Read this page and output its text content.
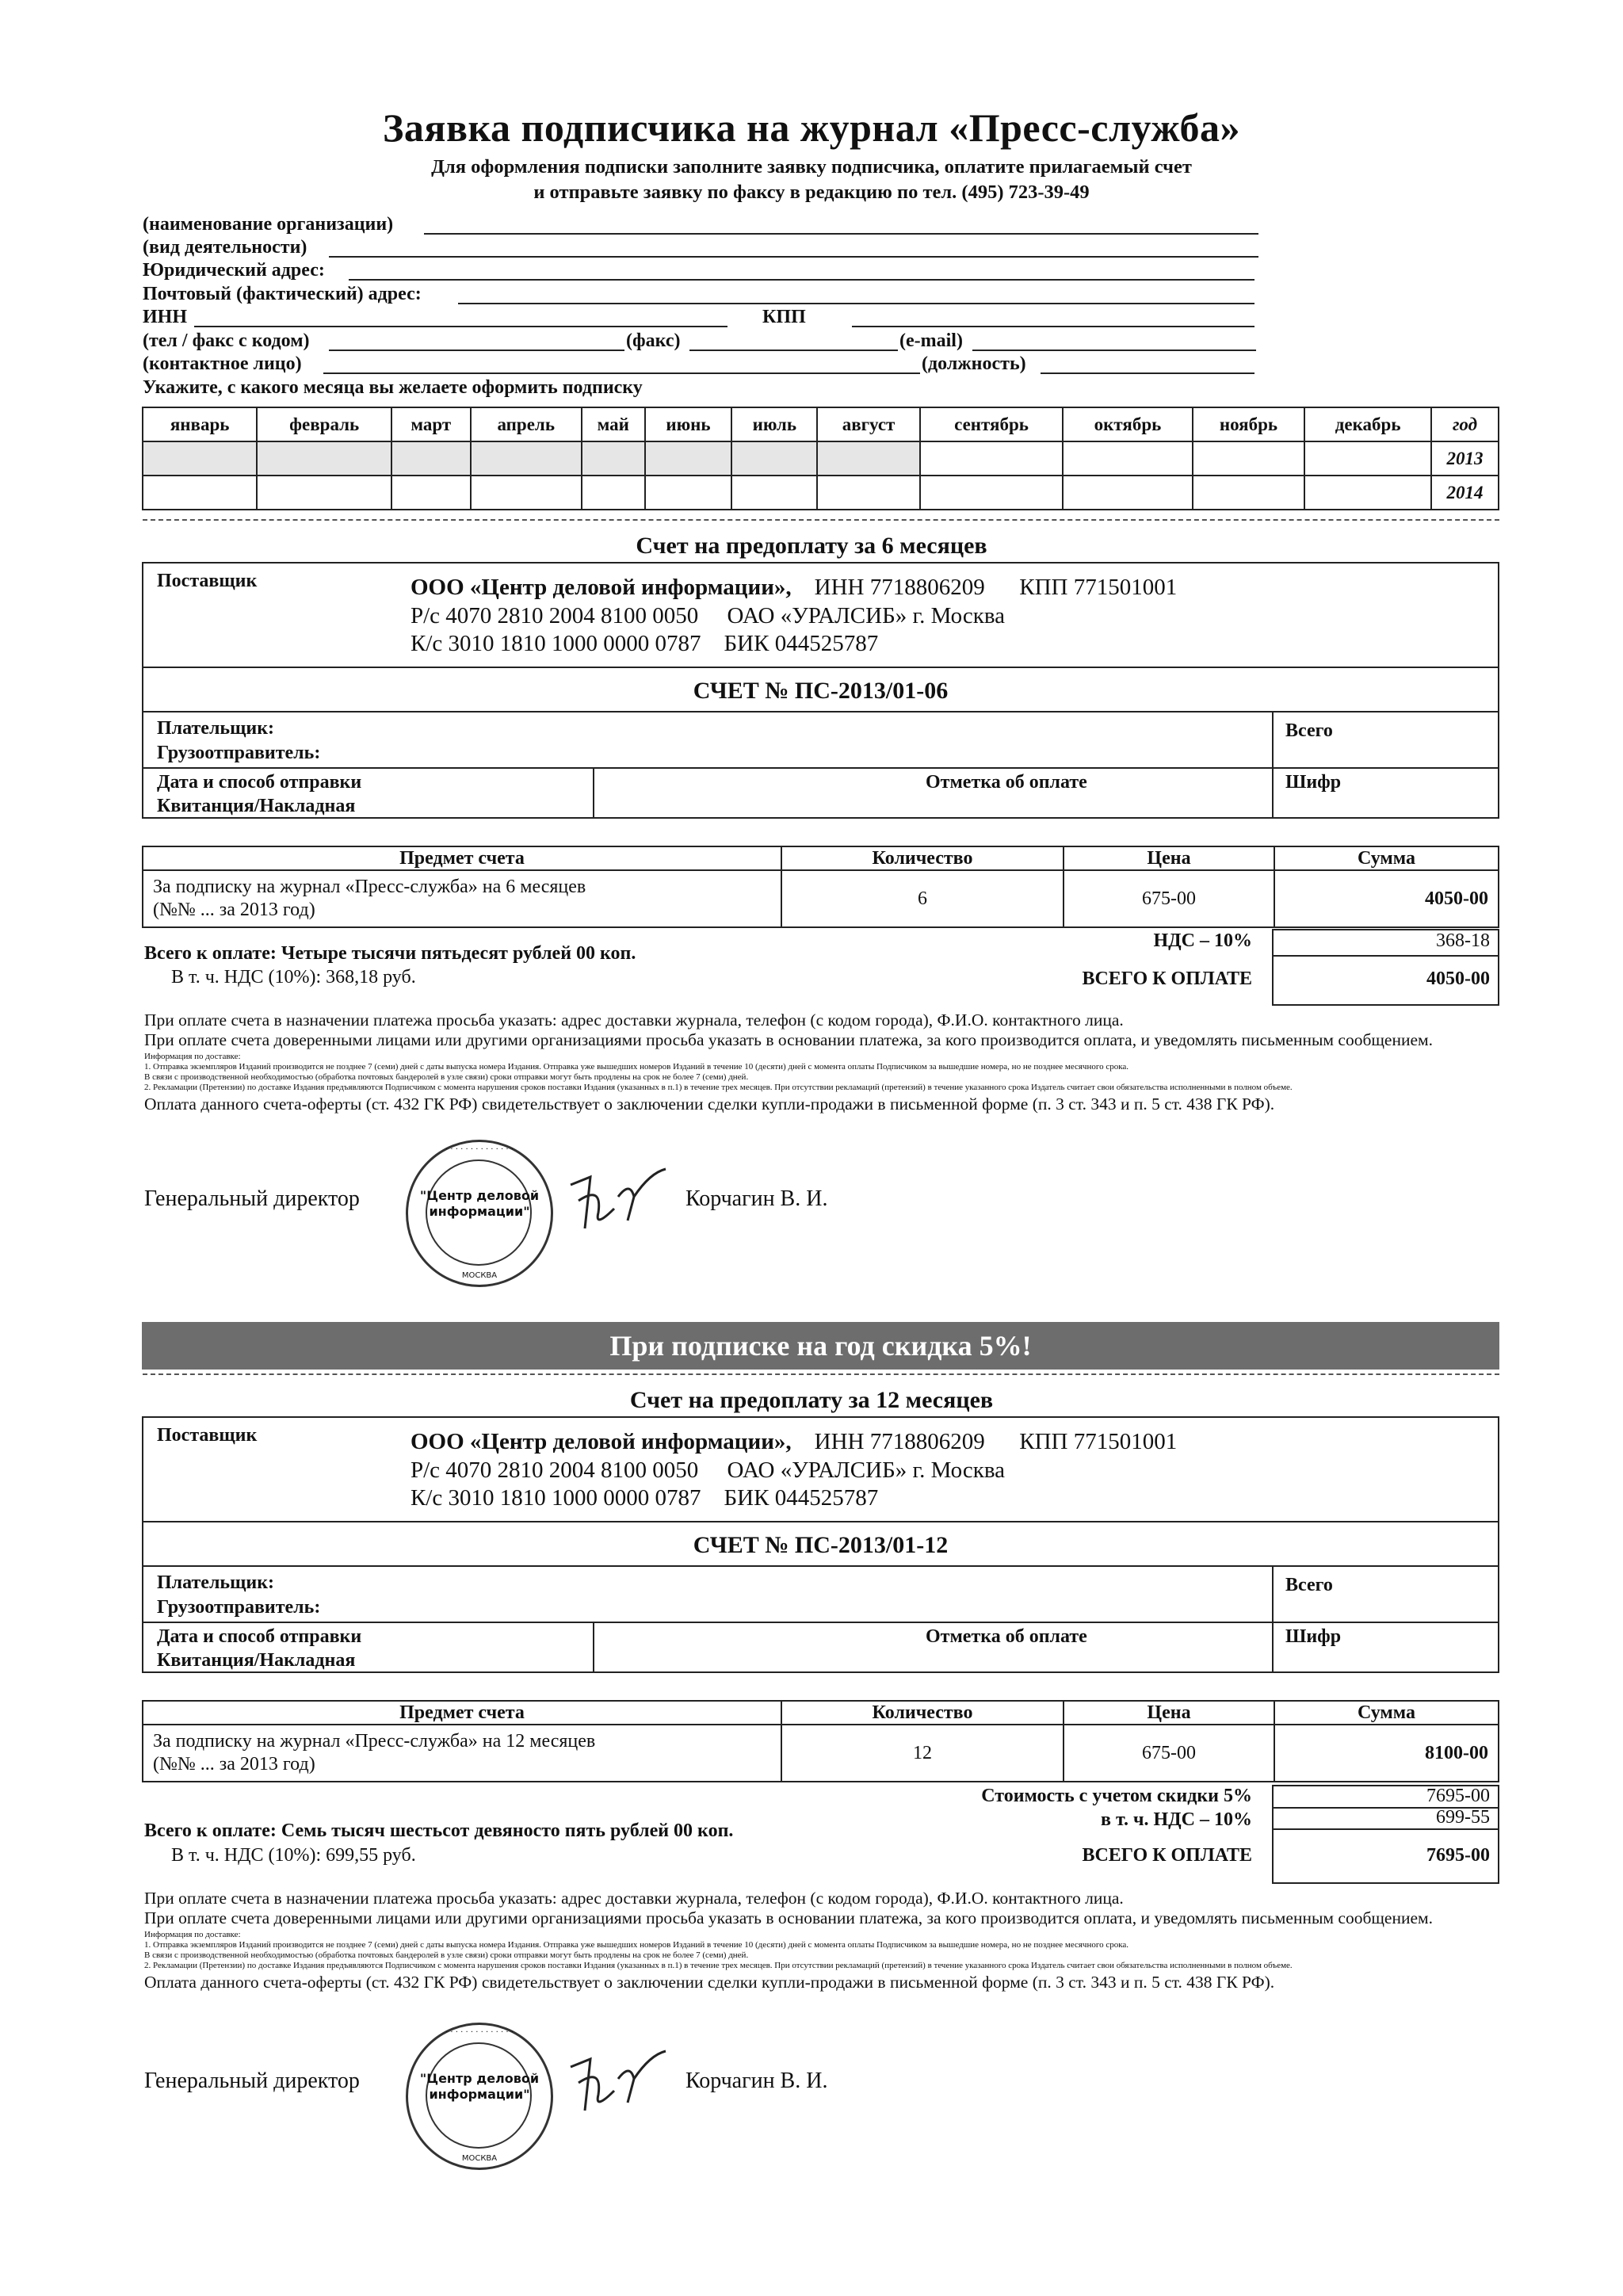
Заявка подписчика на журнал «Пресс-служба»
Для оформления подписки заполните заявку подписчика, оплатите прилагаемый счет
и отправьте заявку по факсу в редакцию по тел. (495) 723-39-49
(наименование организации)
(вид деятельности)
Юридический адрес:
Почтовый (фактический) адрес:
ИНН	КПП
(тел / факс с кодом)	(факс)	(e-mail)
(контактное лицо)	(должность)
Укажите, с какого месяца вы желаете оформить подписку
январь	февраль	март	апрель	май	июнь	июль	август	сентябрь	октябрь	ноябрь	декабрь	год
												2013
												2014
Счет на предоплату за 6 месяцев
Поставщик	ООО «Центр деловой информации»,    ИНН 7718806209      КПП 771501001
Р/с 4070 2810 2004 8100 0050     ОАО «УРАЛСИБ» г. Москва
К/с 3010 1810 1000 0000 0787    БИК 044525787
СЧЕТ № ПС-2013/01-06
Плательщик:
Грузоотправитель:
Всего
Дата и способ отправки
Квитанция/Накладная
Отметка об оплате	Шифр
Предмет счета	Количество	Цена	Сумма

За подписку на журнал «Пресс-служба» на 6 месяцев
(№№ ... за 2013 год)	6	675-00	4050-00
НДС – 10%	368-18
ВСЕГО К ОПЛАТЕ	4050-00
Всего к оплате: Четыре тысячи пятьдесят рублей 00 коп.
В т. ч. НДС (10%): 368,18 руб.
При оплате счета в назначении платежа просьба указать: адрес доставки журнала, телефон (с кодом города), Ф.И.О. контактного лица.
При оплате счета доверенными лицами или другими организациями просьба указать в основании платежа, за кого производится оплата, и уведомлять письменным сообщением.
Информация по доставке:
1. Отправка экземпляров Изданий производится не позднее 7 (семи) дней с даты выпуска номера Издания. Отправка уже вышедших номеров Изданий в течение 10 (десяти) дней с момента оплаты Подписчиком за вышедшие номера, но не позднее месячного срока.
В связи с производственной необходимостью (обработка почтовых бандеролей в узле связи) сроки отправки могут быть продлены на срок не более 7 (семи) дней.
2. Рекламации (Претензии) по доставке Издания предъявляются Подписчиком с момента нарушения сроков поставки Издания (указанных в п.1) в течение трех месяцев. При отсутствии рекламаций (претензий) в течение указанного срока Издатель считает свои обязательства исполненными в полном объеме.
Оплата данного счета-оферты (ст. 432 ГК РФ) свидетельствует о заключении сделки купли-продажи в письменной форме (п. 3 ст. 343 и п. 5 ст. 438 ГК РФ).
Генеральный директор
· · · · · · · · · · · · · ·
"Центр деловой информации"
МОСКВА
Корчагин В. И.
При подписке на год скидка 5%!
Счет на предоплату за 12 месяцев
Поставщик	ООО «Центр деловой информации»,    ИНН 7718806209      КПП 771501001
Р/с 4070 2810 2004 8100 0050     ОАО «УРАЛСИБ» г. Москва
К/с 3010 1810 1000 0000 0787    БИК 044525787
СЧЕТ № ПС-2013/01-12
Плательщик:
Грузоотправитель:
Всего
Дата и способ отправки
Квитанция/Накладная
Отметка об оплате	Шифр
Предмет счета	Количество	Цена	Сумма

За подписку на журнал «Пресс-служба» на 12 месяцев
(№№ ... за 2013 год)	12	675-00	8100-00
Стоимость с учетом скидки 5%	7695-00
в т. ч. НДС – 10%	699-55
ВСЕГО К ОПЛАТЕ	7695-00
Всего к оплате: Семь тысяч шестьсот девяносто пять рублей 00 коп.
В т. ч. НДС (10%): 699,55 руб.
При оплате счета в назначении платежа просьба указать: адрес доставки журнала, телефон (с кодом города), Ф.И.О. контактного лица.
При оплате счета доверенными лицами или другими организациями просьба указать в основании платежа, за кого производится оплата, и уведомлять письменным сообщением.
Информация по доставке:
1. Отправка экземпляров Изданий производится не позднее 7 (семи) дней с даты выпуска номера Издания. Отправка уже вышедших номеров Изданий в течение 10 (десяти) дней с момента оплаты Подписчиком за вышедшие номера, но не позднее месячного срока.
В связи с производственной необходимостью (обработка почтовых бандеролей в узле связи) сроки отправки могут быть продлены на срок не более 7 (семи) дней.
2. Рекламации (Претензии) по доставке Издания предъявляются Подписчиком с момента нарушения сроков поставки Издания (указанных в п.1) в течение трех месяцев. При отсутствии рекламаций (претензий) в течение указанного срока Издатель считает свои обязательства исполненными в полном объеме.
Оплата данного счета-оферты (ст. 432 ГК РФ) свидетельствует о заключении сделки купли-продажи в письменной форме (п. 3 ст. 343 и п. 5 ст. 438 ГК РФ).
Генеральный директор
· · · · · · · · · · · · · ·
"Центр деловой информации"
МОСКВА
Корчагин В. И.
